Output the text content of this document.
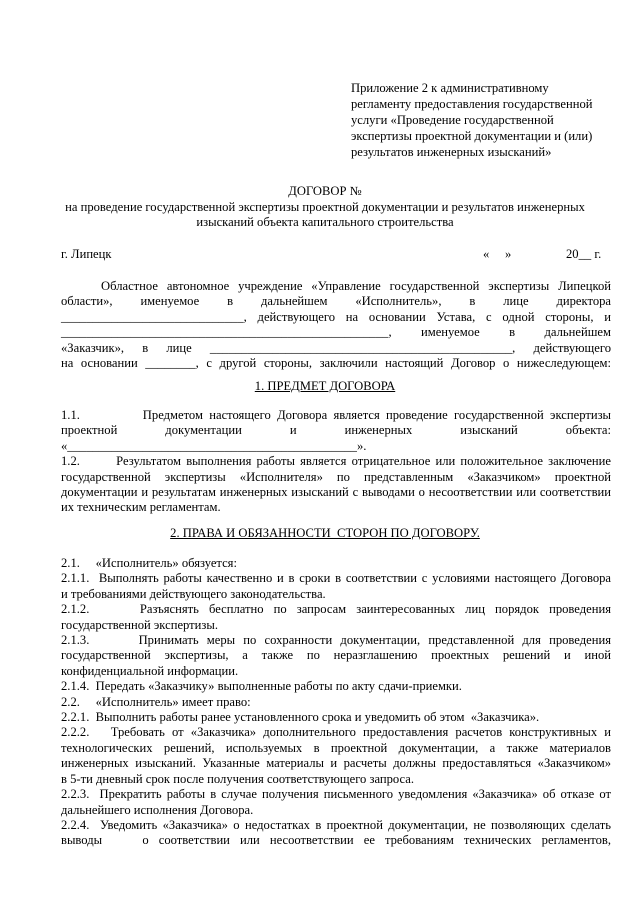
Приложение 2 к административному
регламенту предоставления государственной
услуги «Проведение государственной
экспертизы проектной документации и (или)
результатов инженерных изысканий»
ДОГОВОР №
на проведение государственной экспертизы проектной документации и результатов инженерных
изысканий объекта капитального строительства
г. Липецк	«     »	20__ г.
Областное автономное учреждение «Управление государственной экспертизы Липецкой
области», именуемое в дальнейшем «Исполнитель», в лице директора
_____________________________, действующего на основании Устава, с одной стороны, и
____________________________________________________, именуемое в дальнейшем
«Заказчик», в лице ________________________________________________, действующего
на основании ________, с другой стороны, заключили настоящий Договор о нижеследующем:
1. ПРЕДМЕТ ДОГОВОРА
1.1.          Предметом настоящего Договора является проведение государственной экспертизы
проектной документации и инженерных изысканий объекта:
«______________________________________________».
1.2.       Результатом выполнения работы является отрицательное или положительное заключение
государственной экспертизы «Исполнителя» по представленным «Заказчиком» проектной
документации и результатам инженерных изысканий с выводами о несоответствии или соответствии
их техническим регламентам.
2. ПРАВА И ОБЯЗАННОСТИ  СТОРОН ПО ДОГОВОРУ.
2.1.     «Исполнитель» обязуется:
2.1.1.  Выполнять работы качественно и в сроки в соответствии с условиями настоящего Договора
и требованиями действующего законодательства.
2.1.2.     Разъяснять бесплатно по запросам заинтересованных лиц порядок проведения
государственной экспертизы.
2.1.3.      Принимать меры по сохранности документации, представленной для проведения
государственной экспертизы, а также по неразглашению проектных решений и иной
конфиденциальной информации.
2.1.4.  Передать «Заказчику» выполненные работы по акту сдачи-приемки.
2.2.     «Исполнитель» имеет право:
2.2.1.  Выполнить работы ранее установленного срока и уведомить об этом  «Заказчика».
2.2.2.   Требовать от «Заказчика» дополнительного предоставления расчетов конструктивных и
технологических решений, используемых в проектной документации, а также материалов
инженерных изысканий. Указанные материалы и расчеты должны предоставляться «Заказчиком»
в 5-ти дневный срок после получения соответствующего запроса.
2.2.3.  Прекратить работы в случае получения письменного уведомления «Заказчика» об отказе от
дальнейшего исполнения Договора.
2.2.4.  Уведомить «Заказчика» о недостатках в проектной документации, не позволяющих сделать
выводы    о соответствии или несоответствии ее требованиям технических регламентов,
